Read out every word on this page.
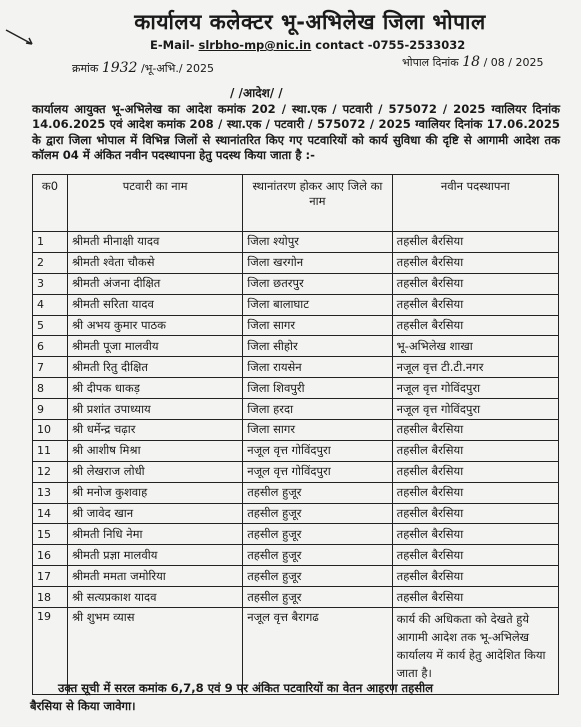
कार्यालय कलेक्टर भू-अभिलेख जिला भोपाल
E-Mail- slrbho-mp@nic.in contact -0755-2533032
क्रमांक 1932 /भू-अभि./ 2025	भोपाल दिनांक 18 / 08 / 2025
/ /आदेश/ /
कार्यालय आयुक्त भू-अभिलेख का आदेश कमांक 202 / स्था.एक / पटवारी / 575072 / 2025 ग्वालियर दिनांक 14.06.2025 एवं आदेश कमांक 208 / स्था.एक / पटवारी / 575072 / 2025 ग्वालियर दिनांक 17.06.2025 के द्वारा जिला भोपाल में विभिन्न जिलों से स्थानांतरित किए गए पटवारियों को कार्य सुविधा की दृष्टि से आगामी आदेश तक कॉलम 04 में अंकित नवीन पदस्थापना हेतु पदस्थ किया जाता है :-
क0	पटवारी का नाम	स्थानांतरण होकर आए जिले का नाम	नवीन पदस्थापना
1	श्रीमती मीनाक्षी यादव	जिला श्योपुर	तहसील बैरसिया
2	श्रीमती श्वेता चौकसे	जिला खरगोन	तहसील बैरसिया
3	श्रीमती अंजना दीक्षित	जिला छतरपुर	तहसील बैरसिया
4	श्रीमती सरिता यादव	जिला बालाघाट	तहसील बैरसिया
5	श्री अभय कुमार पाठक	जिला सागर	तहसील बैरसिया
6	श्रीमती पूजा मालवीय	जिला सीहोर	भू-अभिलेख शाखा
7	श्रीमती रितु दीक्षित	जिला रायसेन	नजूल वृत्त टी.टी.नगर
8	श्री दीपक धाकड़	जिला शिवपुरी	नजूल वृत्त गोविंदपुरा
9	श्री प्रशांत उपाध्याय	जिला हरदा	नजूल वृत्त गोविंदपुरा
10	श्री धर्मेन्द्र चढ़ार	जिला सागर	तहसील बैरसिया
11	श्री आशीष मिश्रा	नजूल वृत्त गोविंदपुरा	तहसील बैरसिया
12	श्री लेखराज लोधी	नजूल वृत्त गोविंदपुरा	तहसील बैरसिया
13	श्री मनोज कुशवाह	तहसील हुजूर	तहसील बैरसिया
14	श्री जावेद खान	तहसील हुजूर	तहसील बैरसिया
15	श्रीमती निधि नेमा	तहसील हुजूर	तहसील बैरसिया
16	श्रीमती प्रज्ञा मालवीय	तहसील हुजूर	तहसील बैरसिया
17	श्रीमती ममता जमोरिया	तहसील हुजूर	तहसील बैरसिया
18	श्री सत्यप्रकाश यादव	तहसील हुजूर	तहसील बैरसिया
19	श्री शुभम व्यास	नजूल वृत्त बैरागढ	कार्य की अधिकता को देखते हुये आगामी आदेश तक भू-अभिलेख कार्यालय में कार्य हेतु आदेशित किया जाता है।
उक्त सूची में सरल कमांक 6,7,8 एवं 9 पर अंकित पटवारियों का वेतन आहरण तहसील
बैरसिया से किया जावेगा।
